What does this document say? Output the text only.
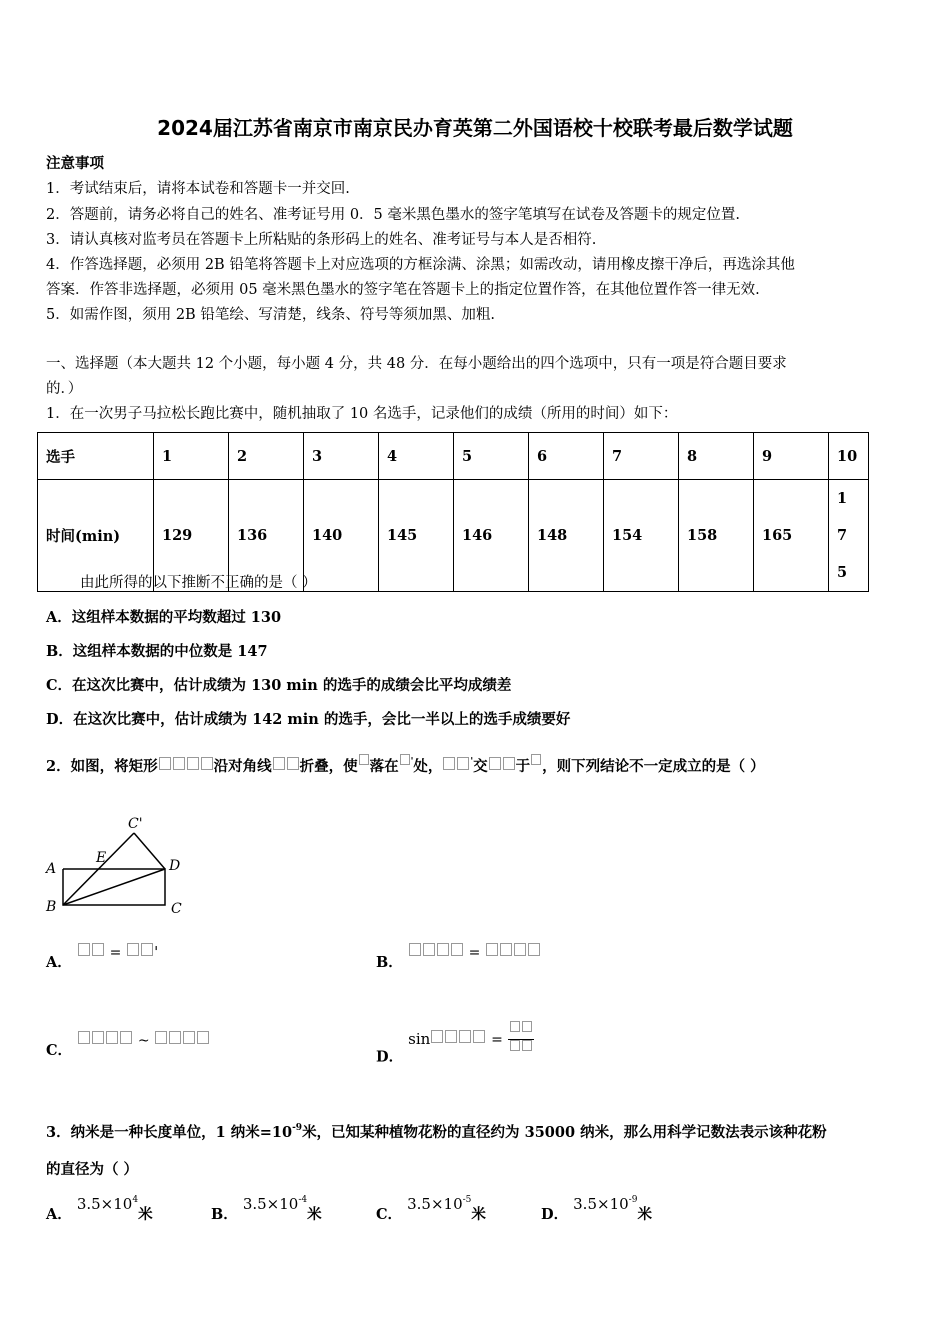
2024届江苏省南京市南京民办育英第二外国语校十校联考最后数学试题
注意事项
1．考试结束后，请将本试卷和答题卡一并交回.
2．答题前，请务必将自己的姓名、准考证号用 0．5 毫米黑色墨水的签字笔填写在试卷及答题卡的规定位置.
3．请认真核对监考员在答题卡上所粘贴的条形码上的姓名、准考证号与本人是否相符.
4．作答选择题，必须用 2B 铅笔将答题卡上对应选项的方框涂满、涂黑；如需改动，请用橡皮擦干净后，再选涂其他
答案．作答非选择题，必须用 05 毫米黑色墨水的签字笔在答题卡上的指定位置作答，在其他位置作答一律无效.
5．如需作图，须用 2B 铅笔绘、写清楚，线条、符号等须加黑、加粗.
一、选择题（本大题共 12 个小题，每小题 4 分，共 48 分．在每小题给出的四个选项中，只有一项是符合题目要求
的．）
1．在一次男子马拉松长跑比赛中，随机抽取了 10 名选手，记录他们的成绩（所用的时间）如下：
选手	1	2	3	4	5	6	7	8	9	10
时间(min)	129	136	140	145	146	148	154	158	165	175
由此所得的以下推断不正确的是（ ）
A．这组样本数据的平均数超过 130
B．这组样本数据的中位数是 147
C．在这次比赛中，估计成绩为 130 min 的选手的成绩会比平均成绩差
D．在这次比赛中，估计成绩为 142 min 的选手，会比一半以上的选手成绩要好
2．如图，将矩形	沿对角线 折叠，使 落在 '处，	'交 于 ，则下列结论不一定成立的是（ ）
A
B	C
D
E
C'
A．  = '
B．  =
C．  ~
D． sin	=
3．纳米是一种长度单位，1 纳米$=10^{-9}$米，已知某种植物花粉的直径约为 35000 纳米，那么用科学记数法表示该种花粉
的直径为（ ）
A． $3.5\times 10^4$米	B． $3.5\times 10^{-4}$米	C． $3.5\times 10^{-5}$米	D． $3.5\times 10^{-9}$米
